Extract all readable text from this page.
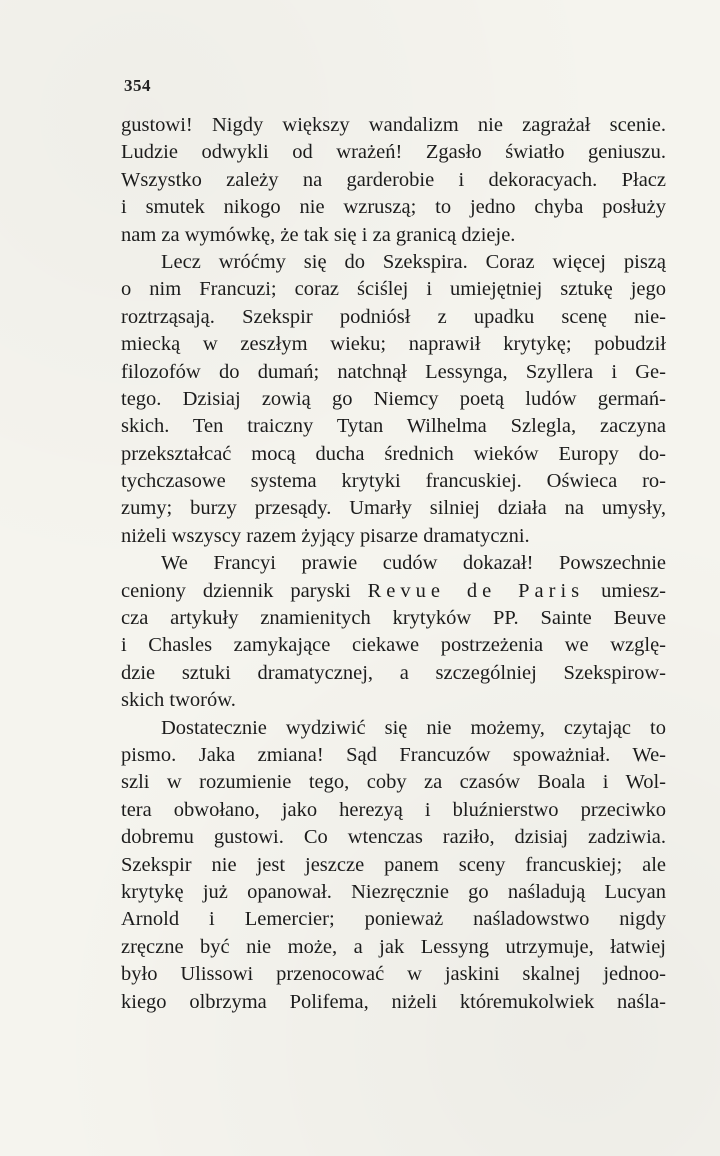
354
gustowi! Nigdy większy wandalizm nie zagrażał scenie.
Ludzie odwykli od wrażeń! Zgasło światło geniuszu.
Wszystko zależy na garderobie i dekoracyach. Płacz
i smutek nikogo nie wzruszą; to jedno chyba posłuży
nam za wymówkę, że tak się i za granicą dzieje.
Lecz wróćmy się do Szekspira. Coraz więcej piszą
o nim Francuzi; coraz ściślej i umiejętniej sztukę jego
roztrząsają. Szekspir podniósł z upadku scenę nie-
miecką w zeszłym wieku; naprawił krytykę; pobudził
filozofów do dumań; natchnął Lessynga, Szyllera i Ge-
tego. Dzisiaj zowią go Niemcy poetą ludów germań-
skich. Ten traiczny Tytan Wilhelma Szlegla, zaczyna
przekształcać mocą ducha średnich wieków Europy do-
tychczasowe systema krytyki francuskiej. Oświeca ro-
zumy; burzy przesądy. Umarły silniej działa na umysły,
niżeli wszyscy razem żyjący pisarze dramatyczni.
We Francyi prawie cudów dokazał! Powszechnie
ceniony dziennik paryski Revue de Paris umiesz-
cza artykuły znamienitych krytyków PP. Sainte Beuve
i Chasles zamykające ciekawe postrzeżenia we wzglę-
dzie sztuki dramatycznej, a szczególniej Szekspirow-
skich tworów.
Dostatecznie wydziwić się nie możemy, czytając to
pismo. Jaka zmiana! Sąd Francuzów spoważniał. We-
szli w rozumienie tego, coby za czasów Boala i Wol-
tera obwołano, jako herezyą i bluźnierstwo przeciwko
dobremu gustowi. Co wtenczas raziło, dzisiaj zadziwia.
Szekspir nie jest jeszcze panem sceny francuskiej; ale
krytykę już opanował. Niezręcznie go naśladują Lucyan
Arnold i Lemercier; ponieważ naśladowstwo nigdy
zręczne być nie może, a jak Lessyng utrzymuje, łatwiej
było Ulissowi przenocować w jaskini skalnej jednoo-
kiego olbrzyma Polifema, niżeli któremukolwiek naśla-
